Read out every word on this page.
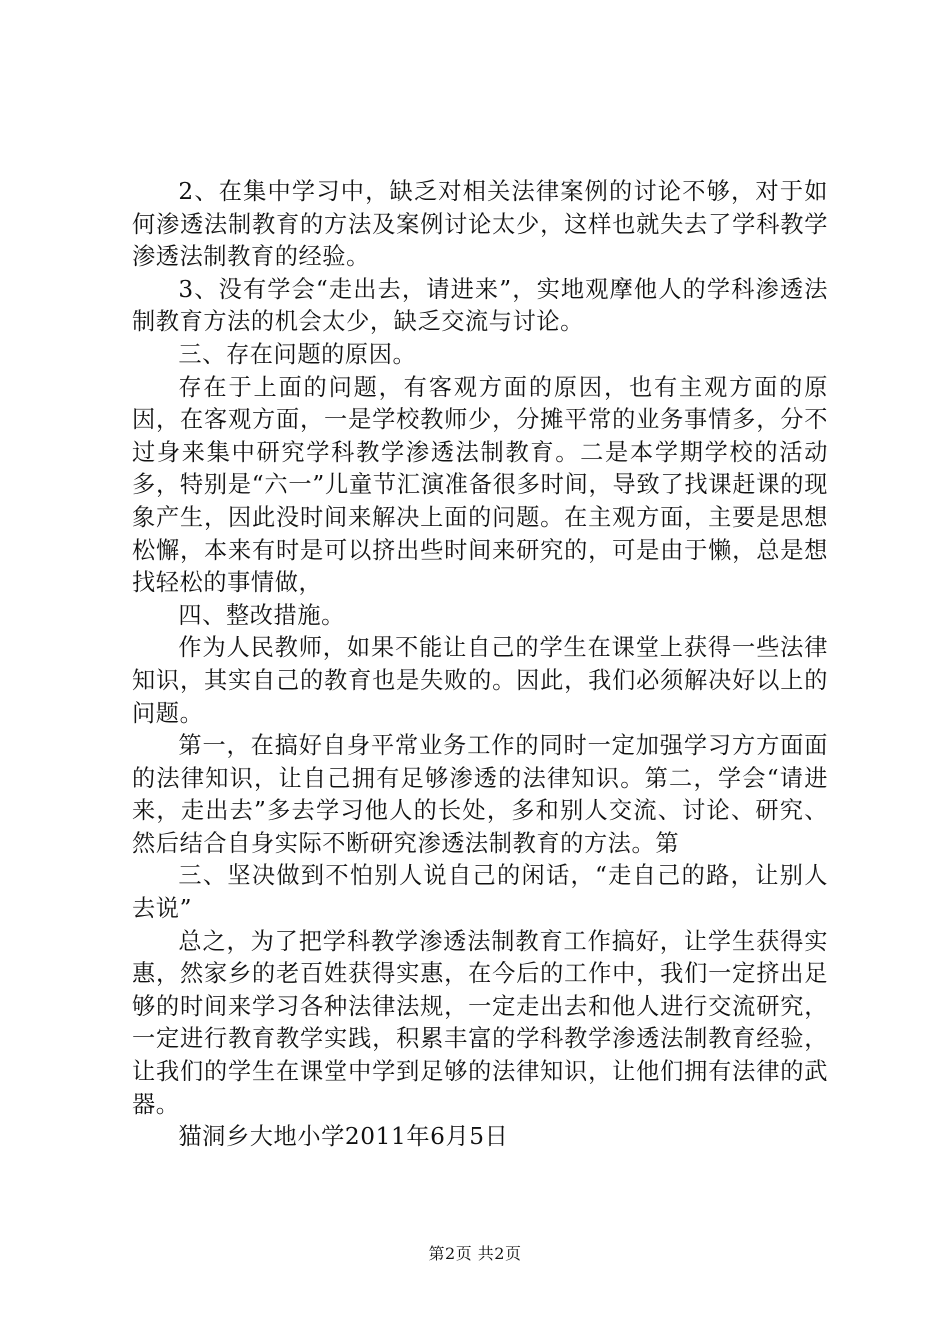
2、在集中学习中，缺乏对相关法律案例的讨论不够，对于如何渗透法制教育的方法及案例讨论太少，这样也就失去了学科教学渗透法制教育的经验。

3、没有学会“走出去，请进来”，实地观摩他人的学科渗透法制教育方法的机会太少，缺乏交流与讨论。

三、存在问题的原因。

存在于上面的问题，有客观方面的原因，也有主观方面的原因，在客观方面，一是学校教师少，分摊平常的业务事情多，分不过身来集中研究学科教学渗透法制教育。二是本学期学校的活动多，特别是“六一”儿童节汇演准备很多时间，导致了找课赶课的现象产生，因此没时间来解决上面的问题。在主观方面，主要是思想松懈，本来有时是可以挤出些时间来研究的，可是由于懒，总是想找轻松的事情做，

四、整改措施。

作为人民教师，如果不能让自己的学生在课堂上获得一些法律知识，其实自己的教育也是失败的。因此，我们必须解决好以上的问题。

第一，在搞好自身平常业务工作的同时一定加强学习方方面面的法律知识，让自己拥有足够渗透的法律知识。第二，学会“请进来，走出去”多去学习他人的长处，多和别人交流、讨论、研究、然后结合自身实际不断研究渗透法制教育的方法。第

三、坚决做到不怕别人说自己的闲话，“走自己的路，让别人去说”

总之，为了把学科教学渗透法制教育工作搞好，让学生获得实惠，然家乡的老百姓获得实惠，在今后的工作中，我们一定挤出足够的时间来学习各种法律法规，一定走出去和他人进行交流研究，一定进行教育教学实践，积累丰富的学科教学渗透法制教育经验，让我们的学生在课堂中学到足够的法律知识，让他们拥有法律的武器。

猫洞乡大地小学2011年6月5日

第2页 共2页
